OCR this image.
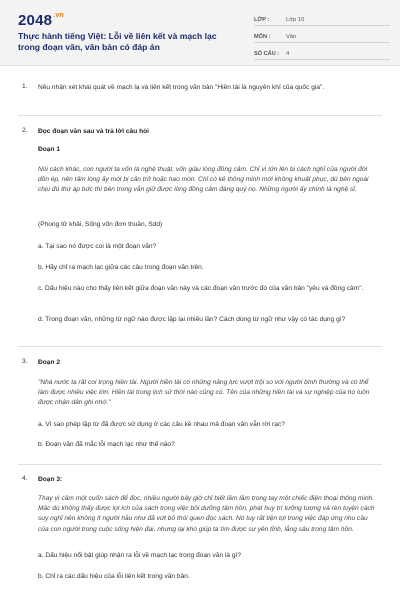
$2048^{.vn}$
Thực hành tiếng Việt: Lỗi về liên kết và mạch lạc trong đoạn văn, văn bản có đáp án
LỚP :	Lớp 10
MÔN :	Văn
SỐ CÂU :	4
1. Nêu nhận xét khái quát về mạch lạ và liên kết trong văn bản "Hiền tài là nguyên khí của quốc gia".
2. Đọc đoạn văn sau và trả lời câu hỏi
Đoạn 1
Nói cách khác, con người ta vốn là nghệ thuật, vốn giàu lòng đồng cảm. Chỉ vì lớn lên bị cách nghĩ của người đời dồn ép, nên tấm lòng ấy mới bị cản trở hoặc hao mòn. Chỉ có kẻ thông minh mới không khuất phục, dù bên ngoài chịu đủ thứ áp bức thì bên trong vẫn giữ được lòng đồng cảm đáng quý nọ. Những người ấy chính là nghệ sĩ.
(Phong tử khải, Sống vốn đơn thuần, Sdd)
a. Tại sao nó được coi là một đoạn văn?
b. Hãy chỉ ra mạch lạc giữa các câu trong đoạn văn trên.
c. Dấu hiệu nào cho thấy liên kết giữa đoạn văn này và các đoạn văn trước đó của văn bản "yêu và đồng cảm".
d. Trong đoạn văn, những từ ngữ nào được lặp lại nhiều lần? Cách dùng từ ngữ như vậy có tác dụng gì?
3. Đoạn 2
"Nhà nước ta rất coi trọng hiền tài. Người hiền tài có những năng lực vượt trội so với người bình thường và có thể làm được nhiều việc lớn. Hiền tài trong lịch sử thời nào cũng có. Tên của những hiền tài và sự nghiệp của họ luôn được nhận dân ghi nhớ."
a. Vì sao phép lặp từ đã được sử dụng ở các câu kề nhau mà đoạn văn vẫn rời rạc?
b. Đoạn văn đã mắc lỗi mạch lạc như thế nào?
4. Đoạn 3:
Thay vì cầm một cuốn sách để đọc, nhiều người bây giờ chỉ biết lăm lăm trong tay một chiếc điện thoại thông minh. Mặc dù không thấy được lợi ích của sách trong việc bồi dưỡng tâm hồn, phát huy trí tưởng tượng và rèn luyện cách suy nghĩ nên không ít người hầu như đã vứt bỏ thói quen đọc sách. Nó tuy rất tiện lợi trong việc đáp ứng nhu cầu của con người trong cuộc sống hiện đại, nhưng lại khó giúp ta tìm được sự yên tĩnh, lắng sâu trong tâm hồn.
a. Dấu hiệu nổi bật giúp nhận ra lỗi về mạch lạc trong đoạn văn là gì?
b. Chỉ ra các dấu hiệu của lỗi liên kết trong văn bản.
